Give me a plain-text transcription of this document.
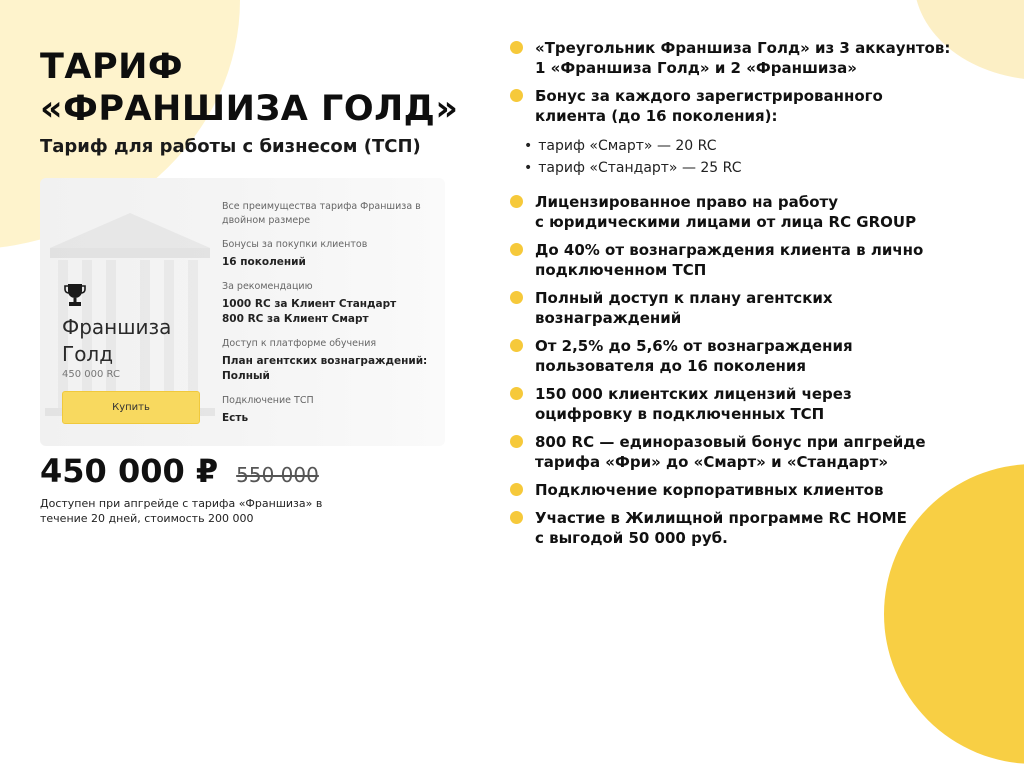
ТАРИФ
«ФРАНШИЗА ГОЛД»

Тариф для работы с бизнесом (ТСП)

Франшиза Голд
450 000 RC
Купить
Все преимущества тарифа Франшиза в двойном размере
Бонусы за покупки клиентов
16 поколений
За рекомендацию
1000 RC за Клиент Стандарт
800 RC за Клиент Смарт
Доступ к платформе обучения
План агентских вознаграждений: Полный
Подключение ТСП
Есть
450 000 ₽ 550 000
Доступен при апгрейде с тарифа «Франшиза» в течение 20 дней, стоимость 200 000
«Треугольник Франшиза Голд» из 3 аккаунтов:
1 «Франшиза Голд» и 2 «Франшиза»
Бонус за каждого зарегистрированного
клиента (до 16 поколения):
• тариф «Смарт» — 20 RC
• тариф «Стандарт» — 25 RC
Лицензированное право на работу
с юридическими лицами от лица RC GROUP
До 40% от вознаграждения клиента в лично
подключенном ТСП
Полный доступ к плану агентских
вознаграждений
От 2,5% до 5,6% от вознаграждения
пользователя до 16 поколения
150 000 клиентских лицензий через
оцифровку в подключенных ТСП
800 RC — единоразовый бонус при апгрейде
тарифа «Фри» до «Смарт» и «Стандарт»
Подключение корпоративных клиентов
Участие в Жилищной программе RC HOME
с выгодой 50 000 руб.
